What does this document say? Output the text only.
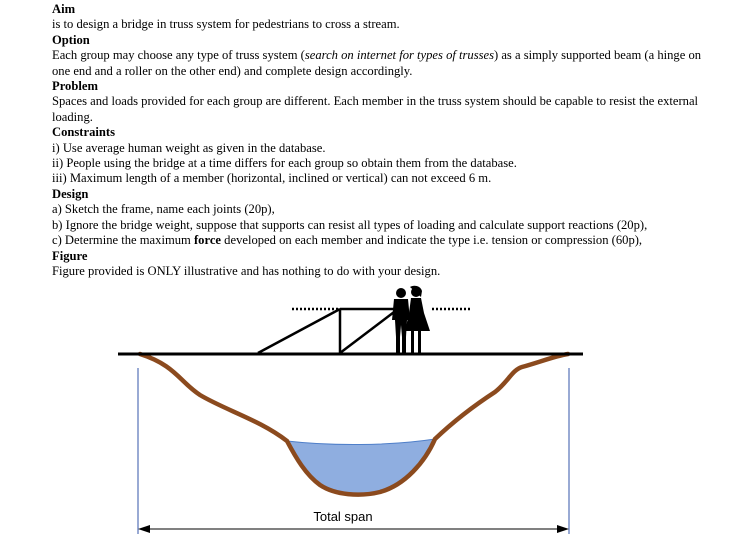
Aim
is to design a bridge in truss system for pedestrians to cross a stream.
Option
Each group may choose any type of truss system (search on internet for types of trusses) as a simply supported beam (a hinge on one end and a roller on the other end) and complete design accordingly.
Problem
Spaces and loads provided for each group are different. Each member in the truss system should be capable to resist the external loading.
Constraints
i) Use average human weight as given in the database.
ii) People using the bridge at a time differs for each group so obtain them from the database.
iii) Maximum length of a member (horizontal, inclined or vertical) can not exceed 6 m.
Design
a) Sketch the frame, name each joints (20p),
b) Ignore the bridge weight, suppose that supports can resist all types of loading and calculate support reactions (20p),
c) Determine the maximum force developed on each member and indicate the type i.e. tension or compression (60p),
Figure
Figure provided is ONLY illustrative and has nothing to do with your design.
Total span
